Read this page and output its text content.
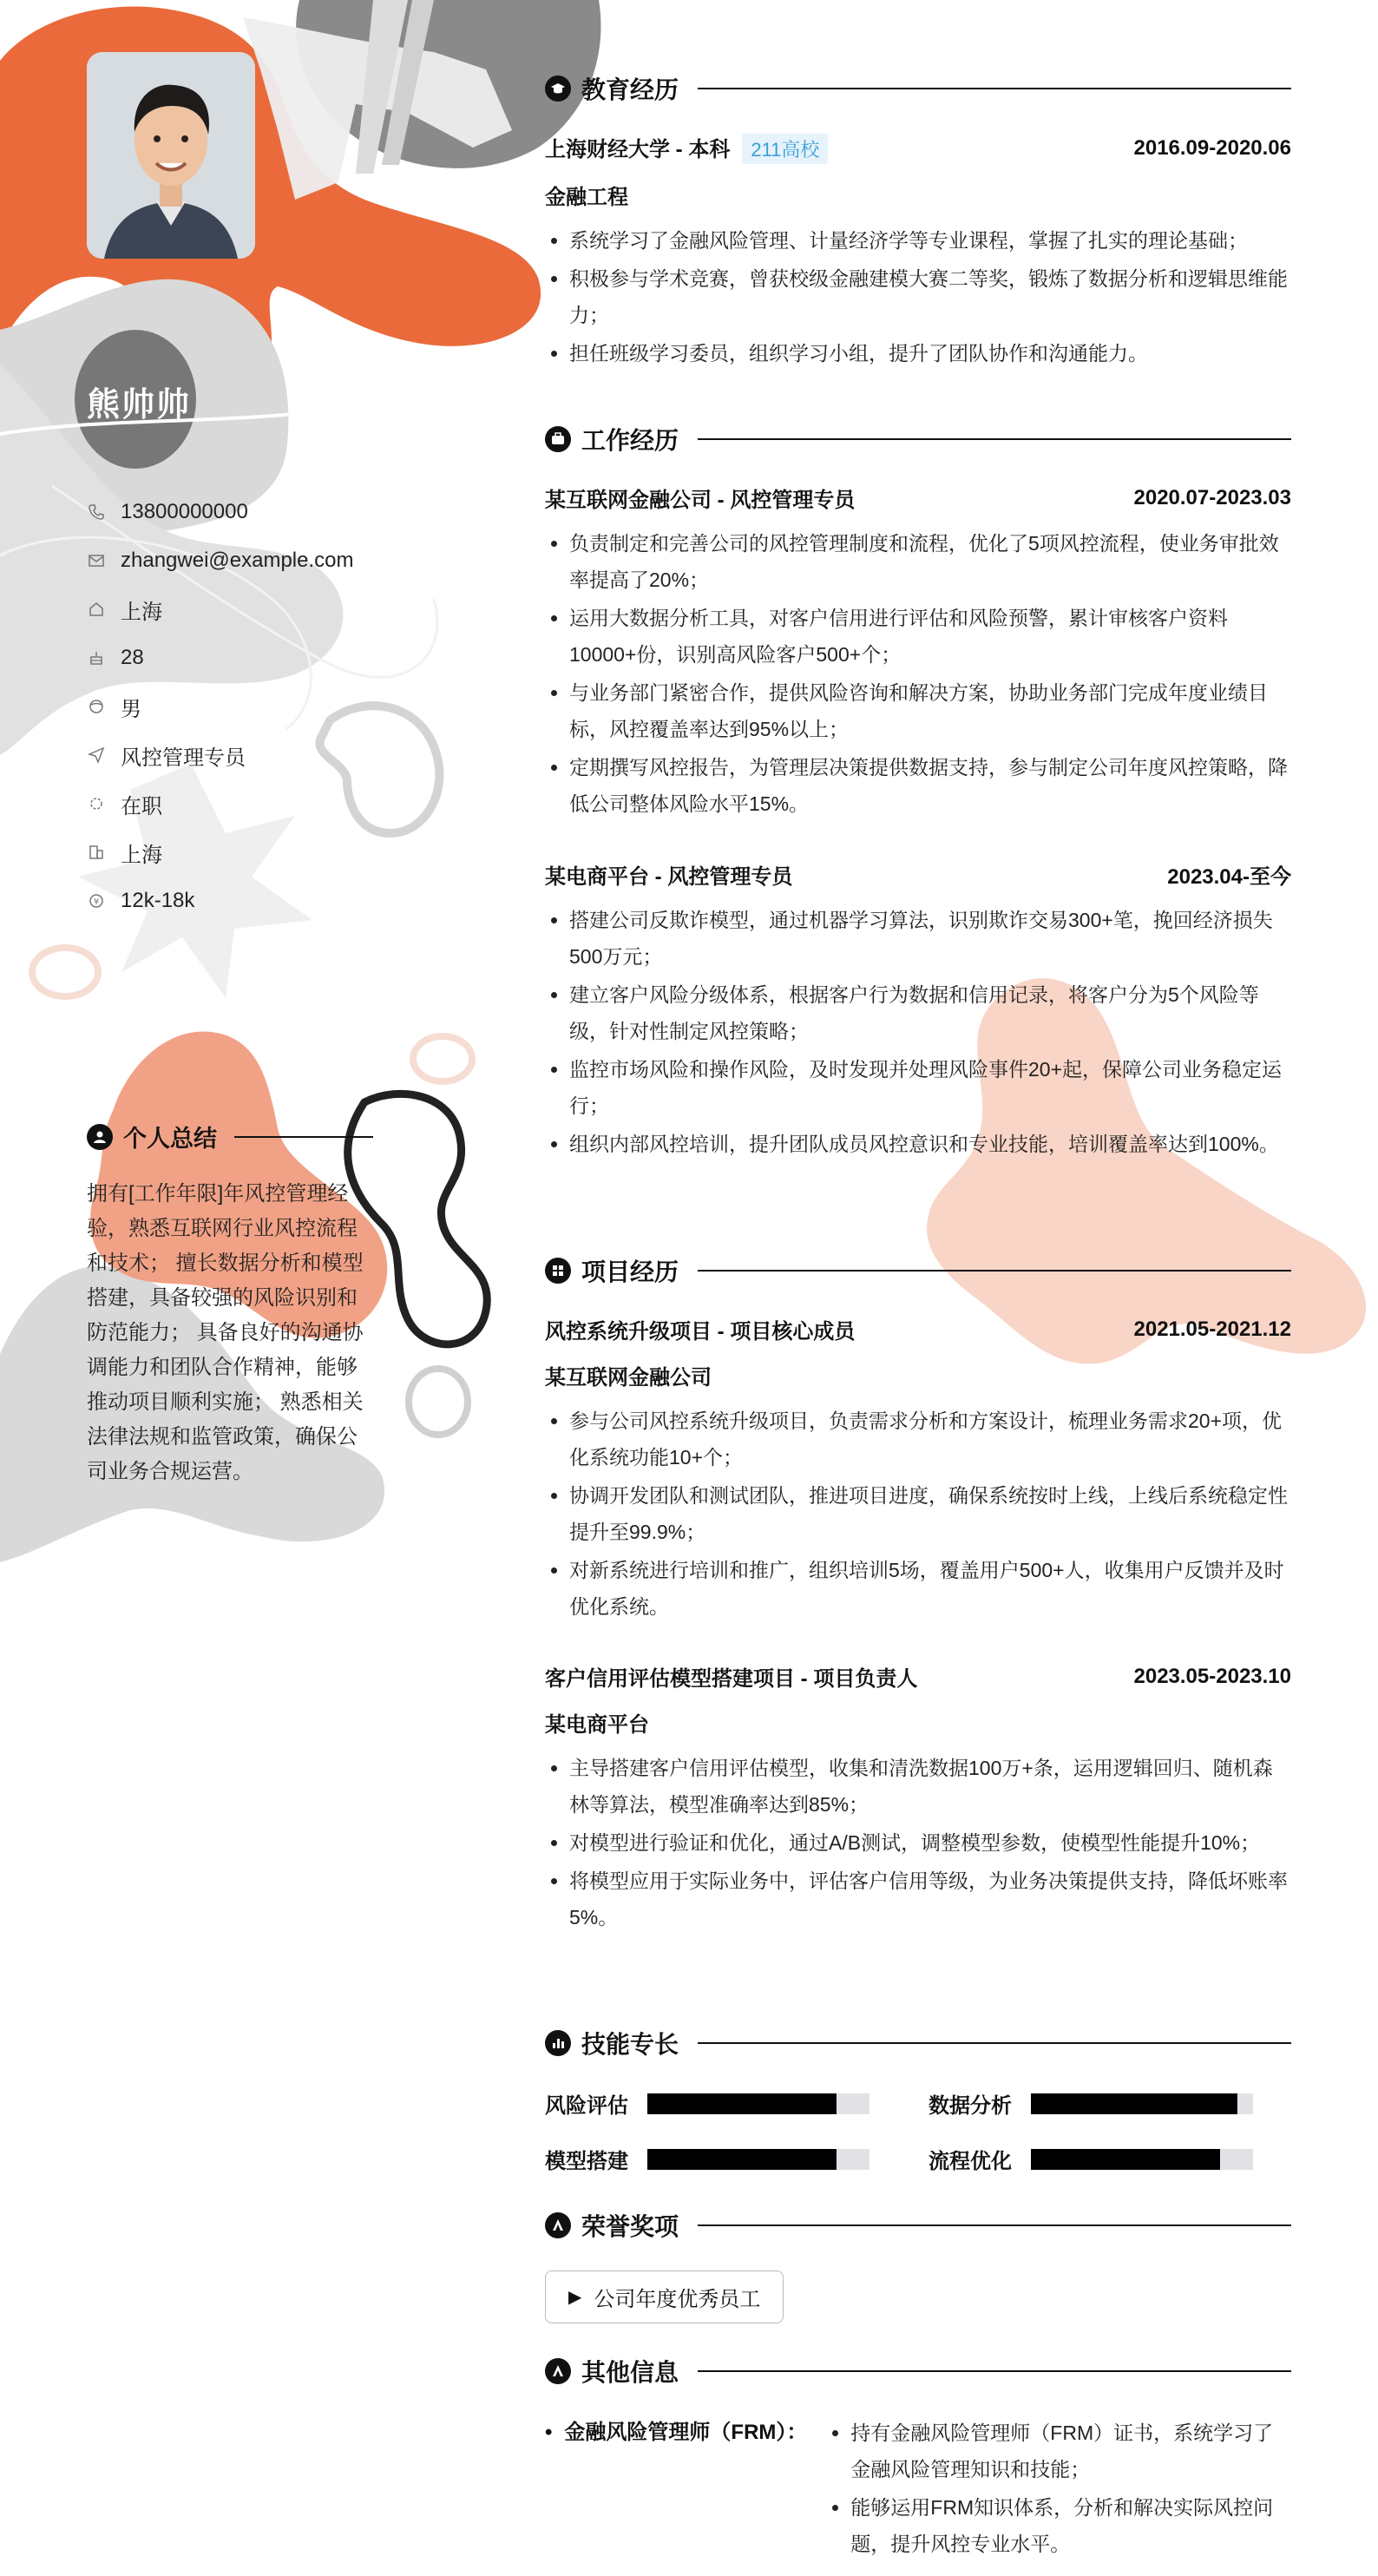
熊帅帅
13800000000
zhangwei@example.com
上海
28
男
风控管理专员
在职
上海
¥ 12k-18k
个人总结
拥有[工作年限]年风控管理经验，熟悉互联网行业风控流程和技术； 擅长数据分析和模型搭建，具备较强的风险识别和防范能力； 具备良好的沟通协调能力和团队合作精神，能够推动项目顺利实施； 熟悉相关法律法规和监管政策，确保公司业务合规运营。
教育经历
上海财经大学 - 本科 211高校	2016.09-2020.06
金融工程
• 系统学习了金融风险管理、计量经济学等专业课程，掌握了扎实的理论基础；
• 积极参与学术竞赛，曾获校级金融建模大赛二等奖，锻炼了数据分析和逻辑思维能力；
• 担任班级学习委员，组织学习小组，提升了团队协作和沟通能力。
工作经历
某互联网金融公司 - 风控管理专员	2020.07-2023.03
• 负责制定和完善公司的风控管理制度和流程，优化了5项风控流程，使业务审批效率提高了20%；
• 运用大数据分析工具，对客户信用进行评估和风险预警，累计审核客户资料10000+份，识别高风险客户500+个；
• 与业务部门紧密合作，提供风险咨询和解决方案，协助业务部门完成年度业绩目标，风控覆盖率达到95%以上；
• 定期撰写风控报告，为管理层决策提供数据支持，参与制定公司年度风控策略，降低公司整体风险水平15%。
某电商平台 - 风控管理专员	2023.04-至今
• 搭建公司反欺诈模型，通过机器学习算法，识别欺诈交易300+笔，挽回经济损失500万元；
• 建立客户风险分级体系，根据客户行为数据和信用记录，将客户分为5个风险等级，针对性制定风控策略；
• 监控市场风险和操作风险，及时发现并处理风险事件20+起，保障公司业务稳定运行；
• 组织内部风控培训，提升团队成员风控意识和专业技能，培训覆盖率达到100%。
项目经历
风控系统升级项目 - 项目核心成员	2021.05-2021.12
某互联网金融公司
• 参与公司风控系统升级项目，负责需求分析和方案设计，梳理业务需求20+项，优化系统功能10+个；
• 协调开发团队和测试团队，推进项目进度，确保系统按时上线，上线后系统稳定性提升至99.9%；
• 对新系统进行培训和推广，组织培训5场，覆盖用户500+人，收集用户反馈并及时优化系统。
客户信用评估模型搭建项目 - 项目负责人	2023.05-2023.10
某电商平台
• 主导搭建客户信用评估模型，收集和清洗数据100万+条，运用逻辑回归、随机森林等算法，模型准确率达到85%；
• 对模型进行验证和优化，通过A/B测试，调整模型参数，使模型性能提升10%；
• 将模型应用于实际业务中，评估客户信用等级，为业务决策提供支持，降低坏账率5%。
技能专长
风险评估	数据分析
模型搭建	流程优化
荣誉奖项
▶ 公司年度优秀员工
其他信息
• 金融风险管理师（FRM）：
• 持有金融风险管理师（FRM）证书，系统学习了金融风险管理知识和技能；
• 能够运用FRM知识体系，分析和解决实际风控问题，提升风控专业水平。
